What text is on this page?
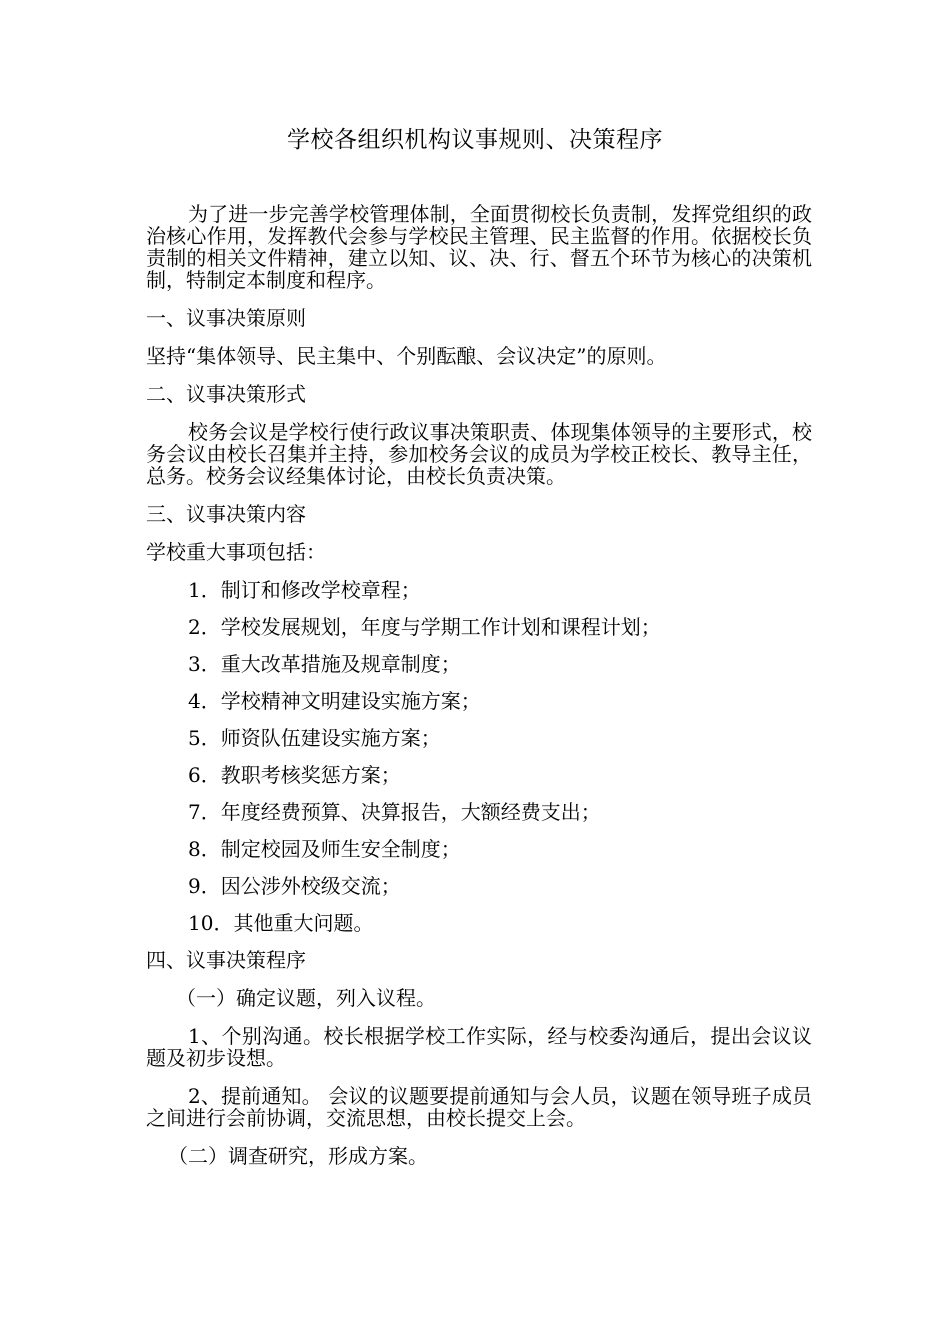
学校各组织机构议事规则、决策程序

为了进一步完善学校管理体制，全面贯彻校长负责制，发挥党组织的政治核心作用，发挥教代会参与学校民主管理、民主监督的作用。依据校长负责制的相关文件精神，建立以知、议、决、行、督五个环节为核心的决策机制，特制定本制度和程序。

一、议事决策原则

坚持“集体领导、民主集中、个别酝酿、会议决定”的原则。

二、议事决策形式

校务会议是学校行使行政议事决策职责、体现集体领导的主要形式，校务会议由校长召集并主持，参加校务会议的成员为学校正校长、教导主任，总务。校务会议经集体讨论，由校长负责决策。

三、议事决策内容

学校重大事项包括：

1．制订和修改学校章程；

2．学校发展规划，年度与学期工作计划和课程计划；

3．重大改革措施及规章制度；

4．学校精神文明建设实施方案；

5．师资队伍建设实施方案；

6．教职考核奖惩方案；

7．年度经费预算、决算报告，大额经费支出；

8．制定校园及师生安全制度；

9．因公涉外校级交流；

10．其他重大问题。

四、议事决策程序

（一）确定议题，列入议程。

1、个别沟通。校长根据学校工作实际，经与校委沟通后，提出会议议题及初步设想。

2、提前通知。 会议的议题要提前通知与会人员，议题在领导班子成员之间进行会前协调，交流思想，由校长提交上会。

（二）调查研究，形成方案。
